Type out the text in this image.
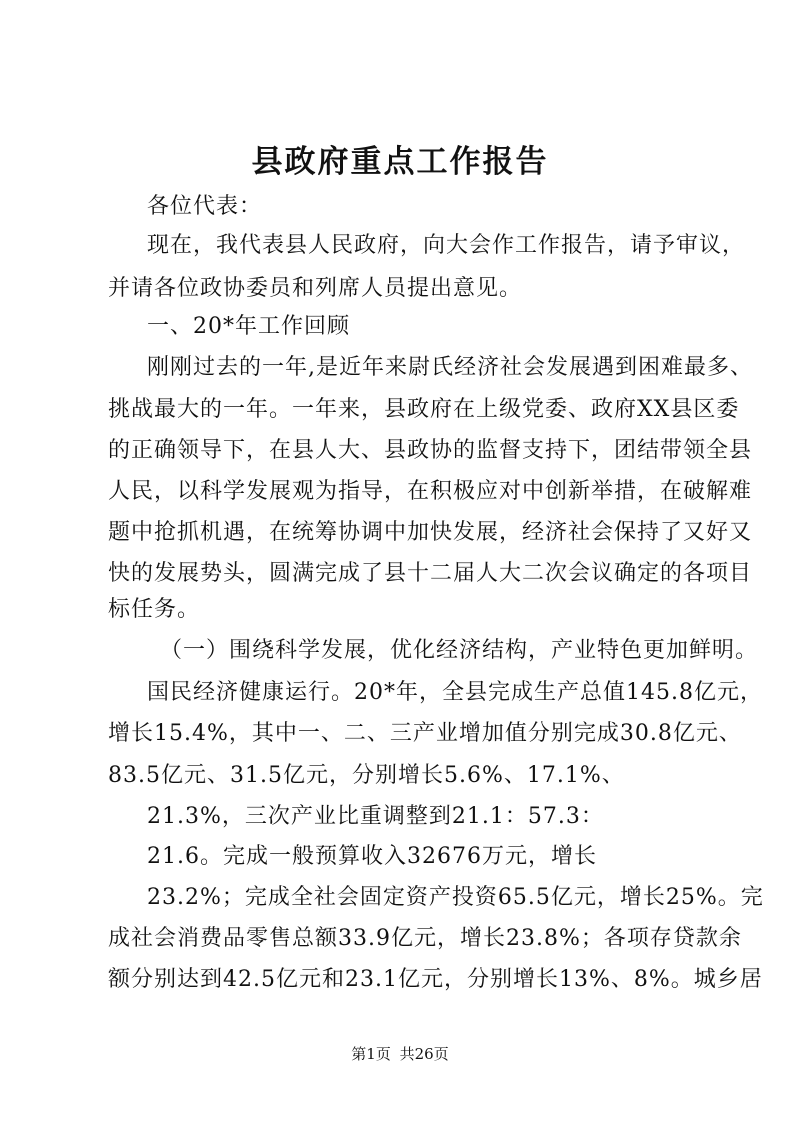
县政府重点工作报告
各位代表：
现在，我代表县人民政府，向大会作工作报告，请予审议，
并请各位政协委员和列席人员提出意见。
一、20*年工作回顾
刚刚过去的一年,是近年来尉氏经济社会发展遇到困难最多、
挑战最大的一年。一年来，县政府在上级党委、政府XX县区委
的正确领导下，在县人大、县政协的监督支持下，团结带领全县
人民，以科学发展观为指导，在积极应对中创新举措，在破解难
题中抢抓机遇，在统筹协调中加快发展，经济社会保持了又好又
快的发展势头，圆满完成了县十二届人大二次会议确定的各项目
标任务。
（一）围绕科学发展，优化经济结构，产业特色更加鲜明。
国民经济健康运行。20*年，全县完成生产总值145.8亿元，
增长15.4%，其中一、二、三产业增加值分别完成30.8亿元、
83.5亿元、31.5亿元，分别增长5.6%、17.1%、
21.3%，三次产业比重调整到21.1：57.3：
21.6。完成一般预算收入32676万元，增长
23.2%；完成全社会固定资产投资65.5亿元，增长25%。完
成社会消费品零售总额33.9亿元，增长23.8%；各项存贷款余
额分别达到42.5亿元和23.1亿元，分别增长13%、8%。城乡居
第1页 共26页
